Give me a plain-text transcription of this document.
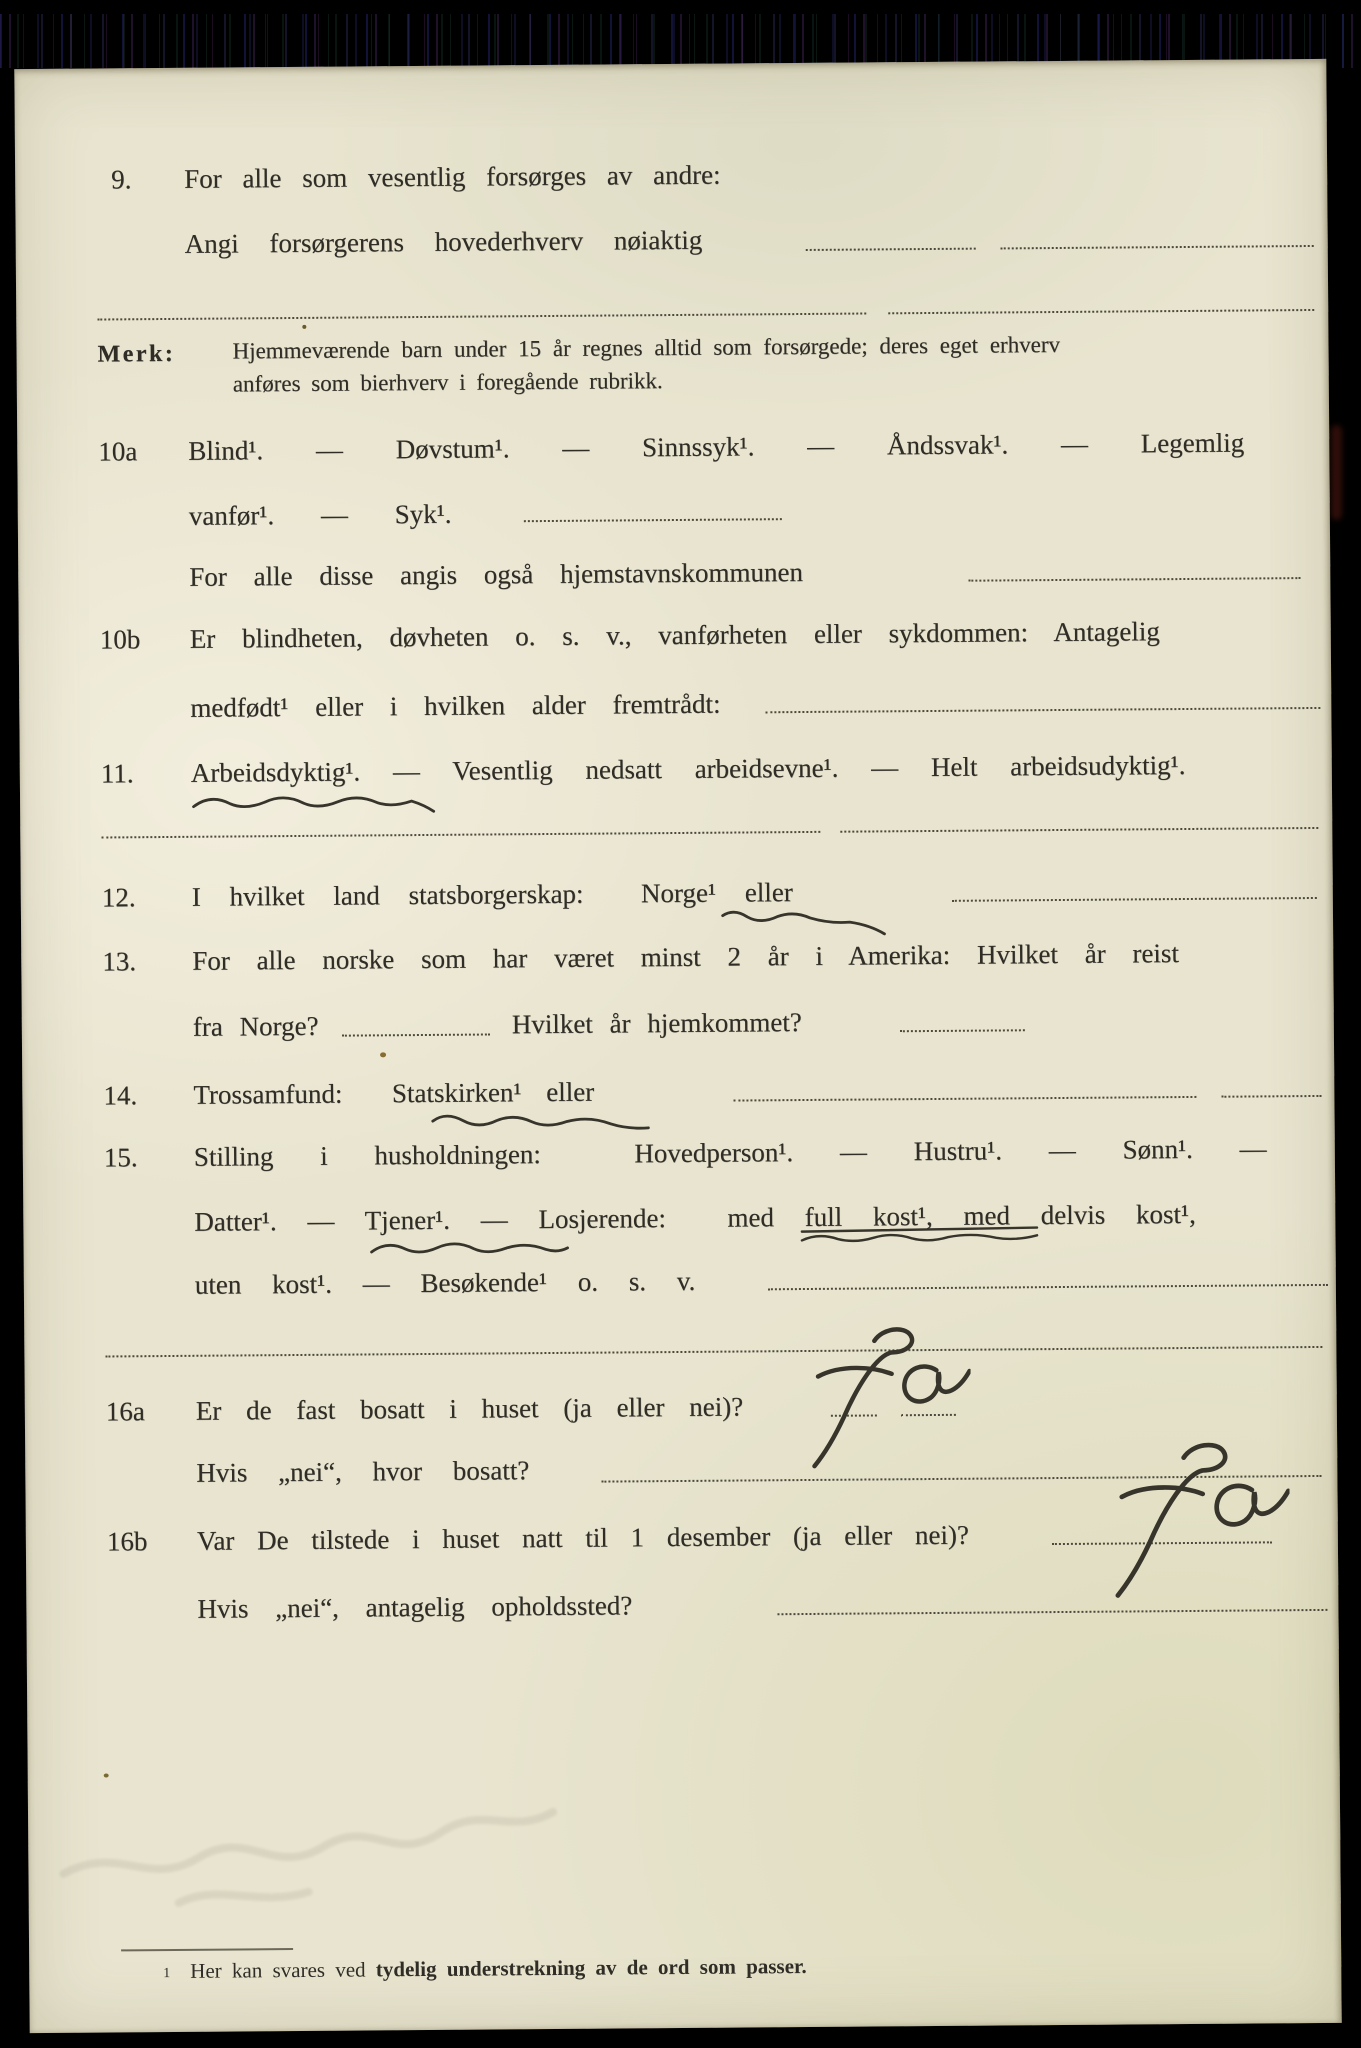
9. For alle som vesentlig forsørges av andre:
Angi forsørgerens hovederhverv nøiaktig
Merk: Hjemmeværende barn under 15 år regnes alltid som forsørgede; deres eget erhverv
anføres som bierhverv i foregående rubrikk.
10a Blind¹. — Døvstum¹. — Sinnssyk¹. — Åndssvak¹. — Legemlig
vanfør¹. — Syk¹.
For alle disse angis også hjemstavnskommunen
10b Er blindheten, døvheten o. s. v., vanførheten eller sykdommen: Antagelig
medfødt¹ eller i hvilken alder fremtrådt:
11. Arbeidsdyktig¹. — Vesentlig nedsatt arbeidsevne¹. — Helt arbeidsudyktig¹.
12. I hvilket land statsborgerskap:  Norge¹ eller
13. For alle norske som har været minst 2 år i Amerika: Hvilket år reist
fra Norge?	Hvilket år hjemkommet?
14. Trossamfund:  Statskirken¹ eller
15. Stilling i husholdningen:  Hovedperson¹. — Hustru¹. — Sønn¹. —
Datter¹. — Tjener¹. — Losjerende:  med full kost¹, med delvis kost¹,
uten kost¹. — Besøkende¹ o. s. v.
16a Er de fast bosatt i huset (ja eller nei)?
Hvis „nei“, hvor bosatt?
16b Var De tilstede i huset natt til 1 desember (ja eller nei)?
Hvis „nei“, antagelig opholdssted?
1 Her kan svares ved tydelig understrekning av de ord som passer.
